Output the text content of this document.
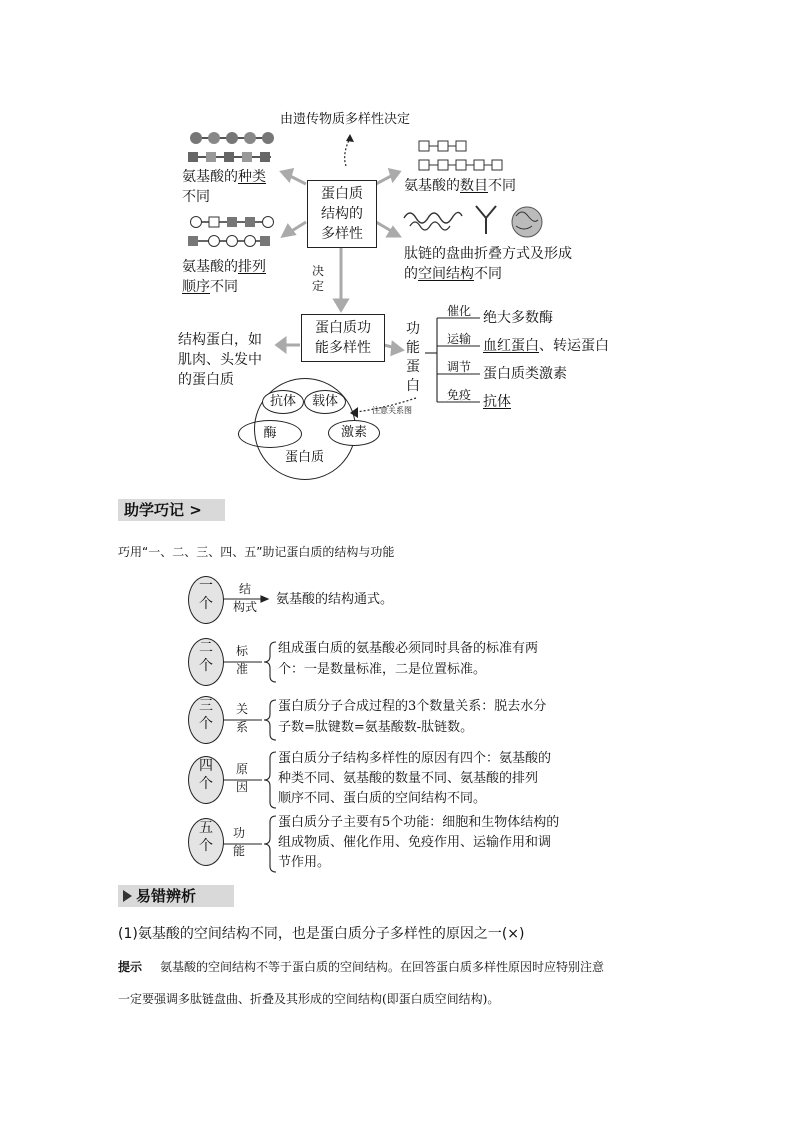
由遗传物质多样性决定
蛋白质
结构的
多样性
氨基酸的种类
不同
氨基酸的排列
顺序不同
氨基酸的数目不同
肽链的盘曲折叠方式及形成
的空间结构不同
决定
蛋白质功
能多样性
结构蛋白，如
肌肉、头发中
的蛋白质
功能蛋白
催化 绝大多数酶
运输 血红蛋白、转运蛋白
调节 蛋白质类激素
免疫 抗体
抗体	载体
酶	激素
蛋白质
注意关系图
助学巧记 >
巧用“一、二、三、四、五”助记蛋白质的结构与功能
一
个
结
构式 氨基酸的结构通式。
二
个
标
准
组成蛋白质的氨基酸必须同时具备的标准有两
个：一是数量标准，二是位置标准。
三
个
关
系
蛋白质分子合成过程的3个数量关系：脱去水分
子数=肽键数=氨基酸数-肽链数。
四
个
原
因
蛋白质分子结构多样性的原因有四个：氨基酸的
种类不同、氨基酸的数量不同、氨基酸的排列
顺序不同、蛋白质的空间结构不同。
五
个
功
能
蛋白质分子主要有5个功能：细胞和生物体结构的
组成物质、催化作用、免疫作用、运输作用和调
节作用。
易错辨析
(1)氨基酸的空间结构不同，也是蛋白质分子多样性的原因之一(×)
提示 氨基酸的空间结构不等于蛋白质的空间结构。在回答蛋白质多样性原因时应特别注意
一定要强调多肽链盘曲、折叠及其形成的空间结构(即蛋白质空间结构)。
